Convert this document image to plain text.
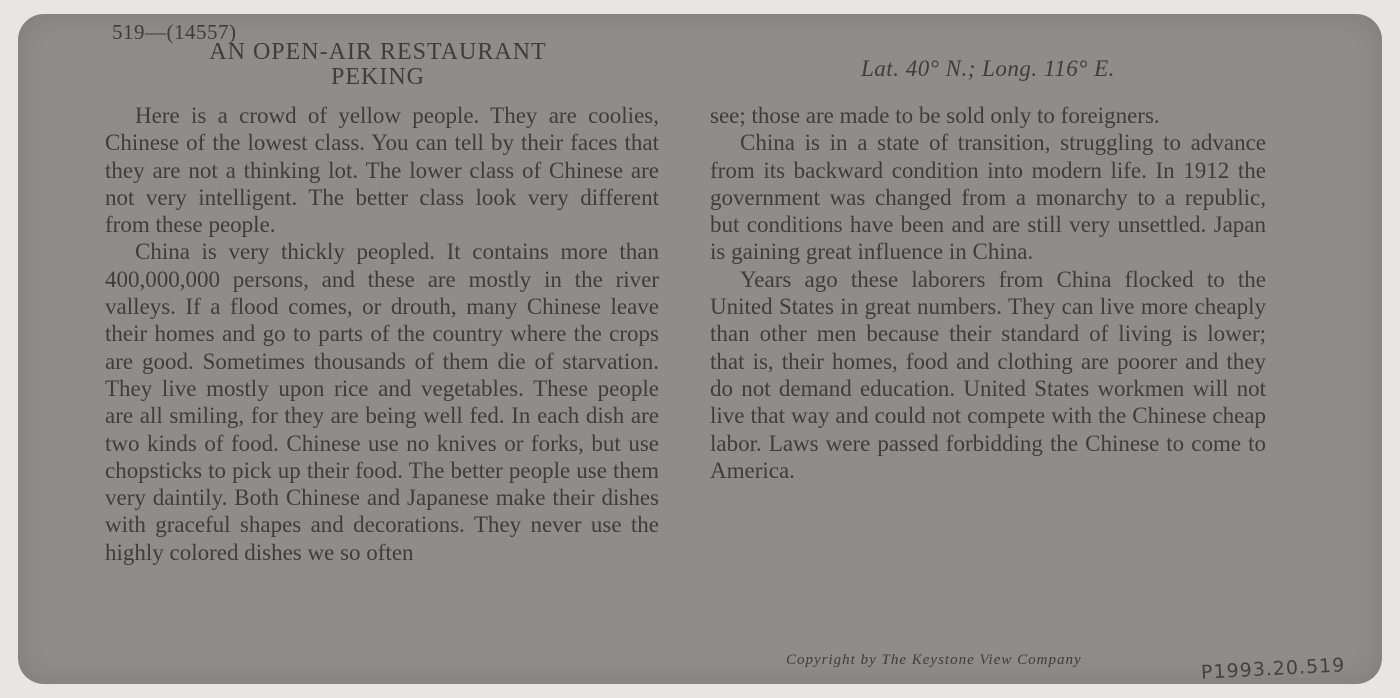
519—(14557)
AN OPEN-AIR RESTAURANT
PEKING	Lat. 40° N.; Long. 116° E.

Here is a crowd of yellow people. They are coolies, Chinese of the lowest class. You can tell by their faces that they are not a thinking lot. The lower class of Chinese are not very intelligent. The better class look very different from these people.

China is very thickly peopled. It contains more than 400,000,000 persons, and these are mostly in the river valleys. If a flood comes, or drouth, many Chinese leave their homes and go to parts of the country where the crops are good. Sometimes thousands of them die of starvation. They live mostly upon rice and vegetables. These people are all smiling, for they are being well fed. In each dish are two kinds of food. Chinese use no knives or forks, but use chopsticks to pick up their food. The better people use them very daintily. Both Chinese and Japanese make their dishes with graceful shapes and decorations. They never use the highly colored dishes we so often

see; those are made to be sold only to foreigners.

China is in a state of transition, struggling to advance from its backward condition into modern life. In 1912 the government was changed from a monarchy to a republic, but conditions have been and are still very unsettled. Japan is gaining great influence in China.

Years ago these laborers from China flocked to the United States in great numbers. They can live more cheaply than other men because their standard of living is lower; that is, their homes, food and clothing are poorer and they do not demand education. United States workmen will not live that way and could not compete with the Chinese cheap labor. Laws were passed forbidding the Chinese to come to America.

Copyright by The Keystone View Company	P1993.20.519
